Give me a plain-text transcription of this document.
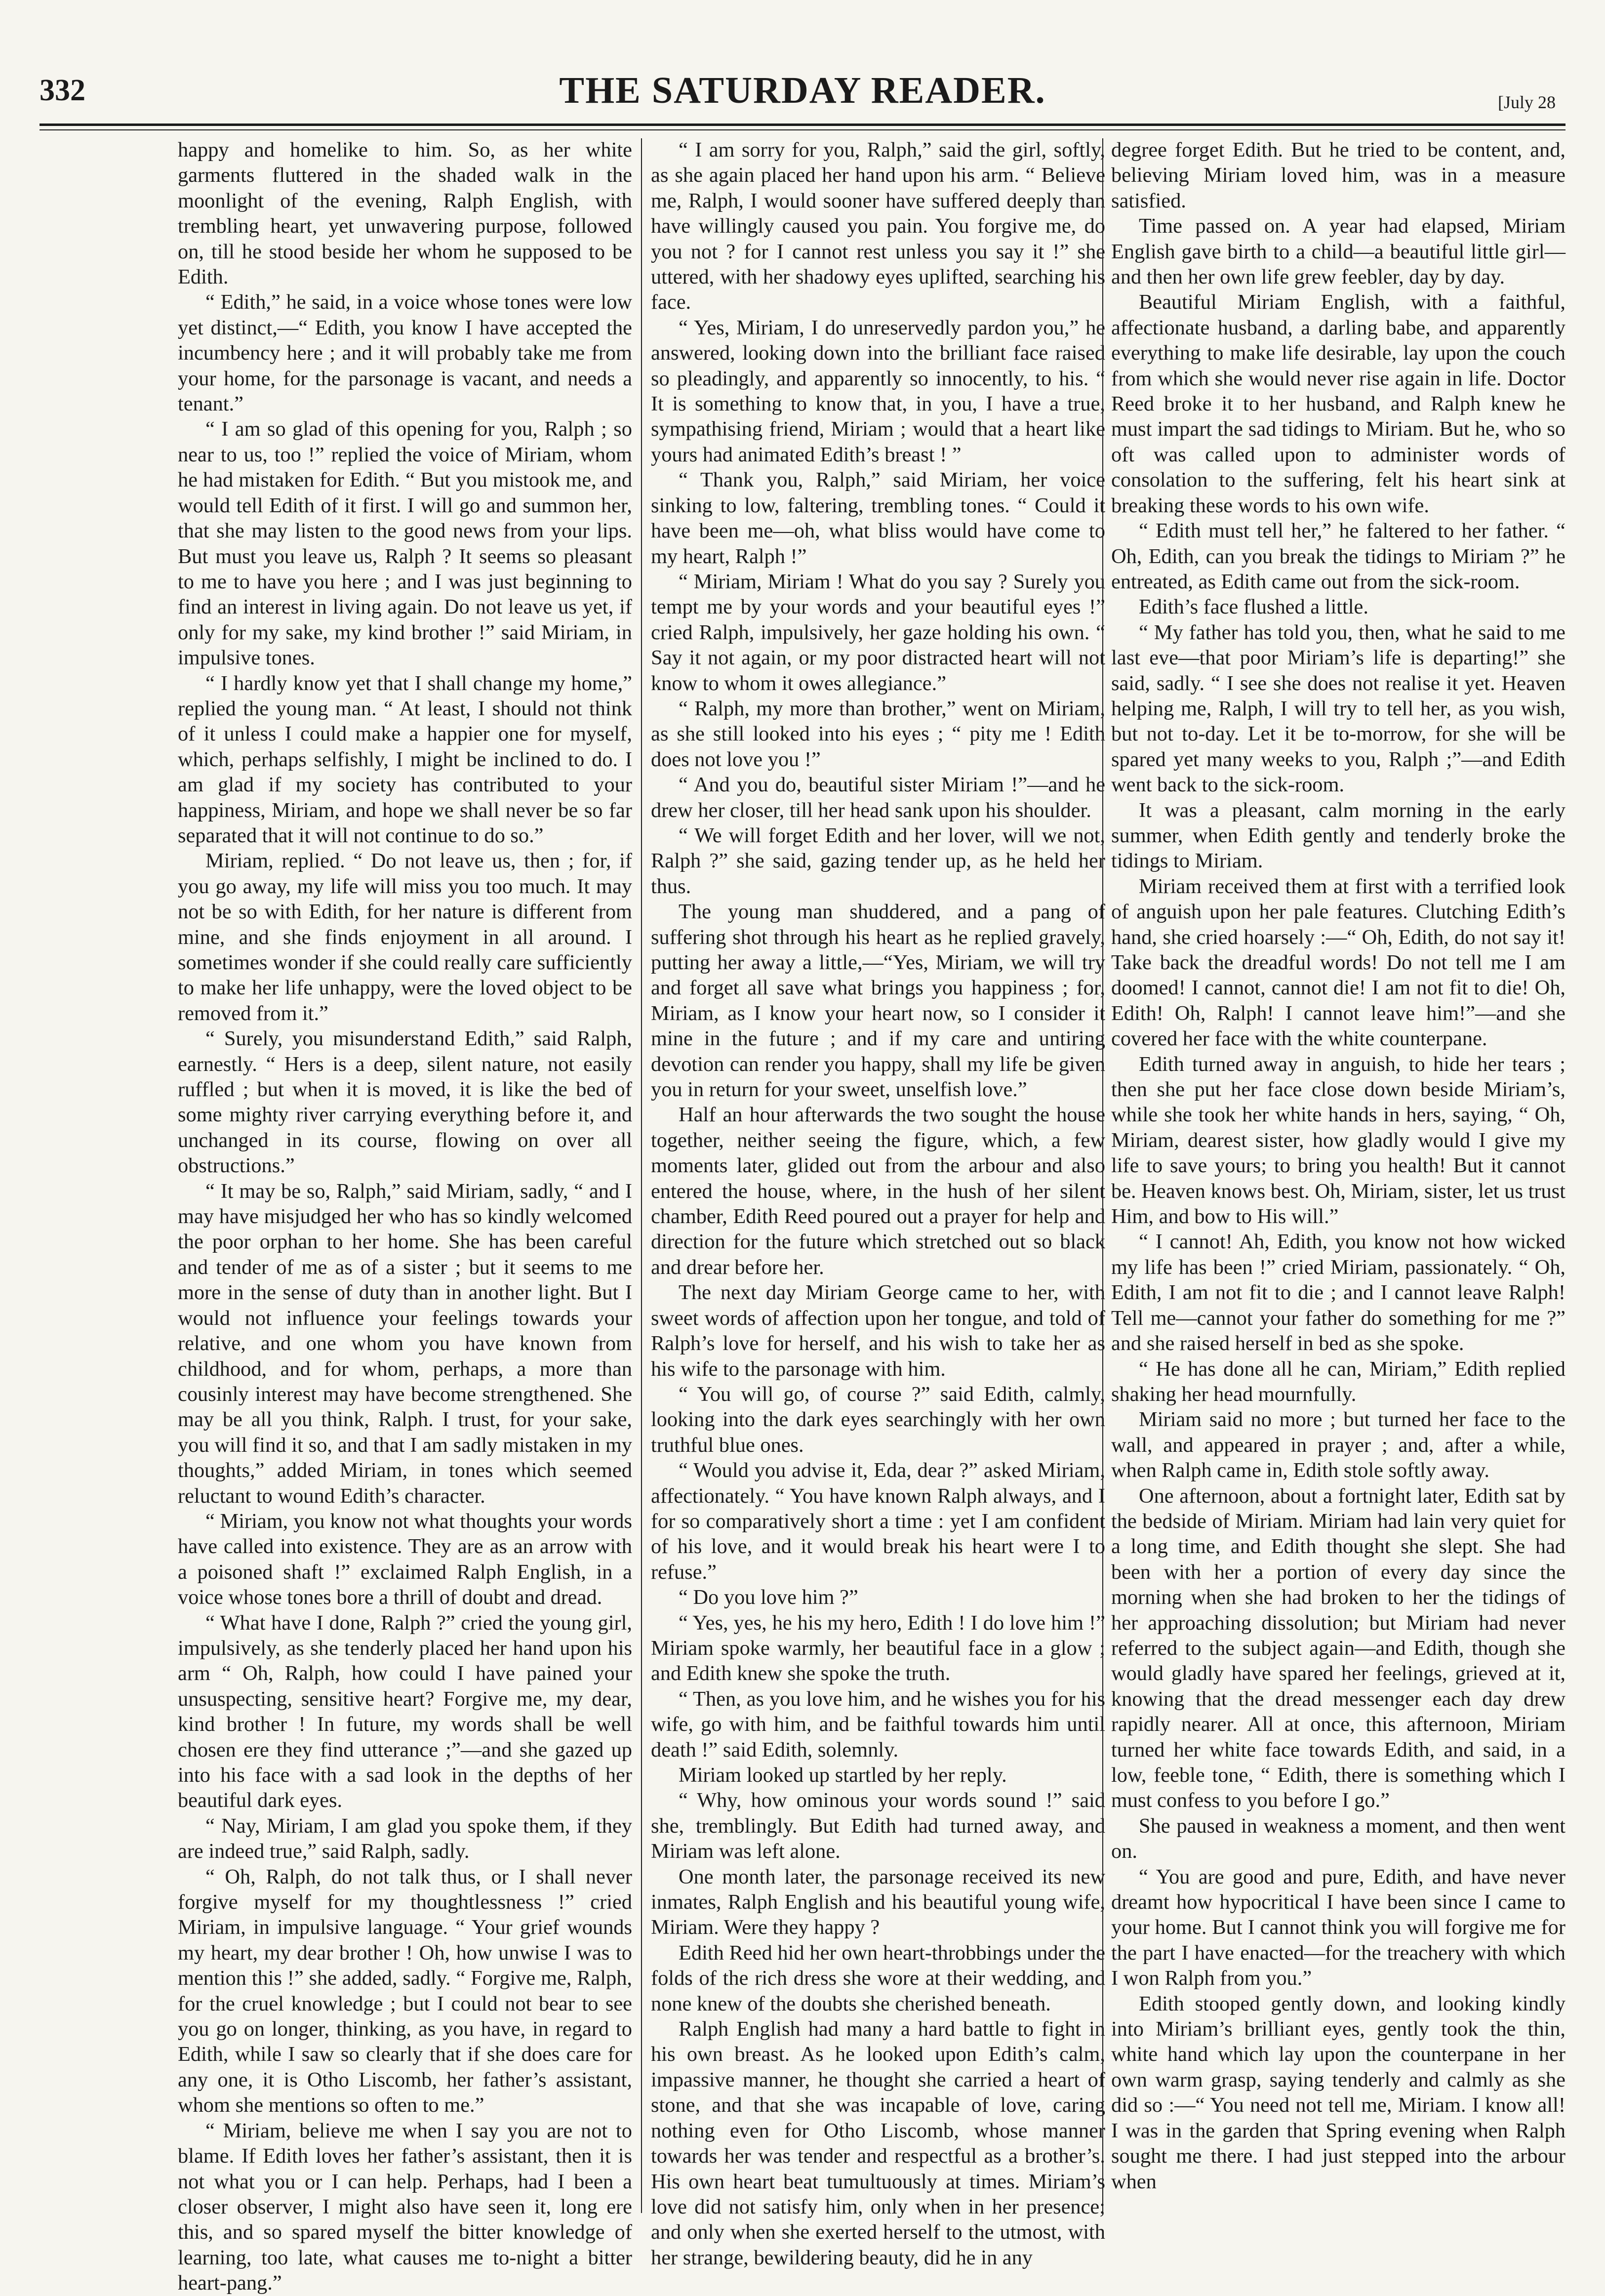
332	THE SATURDAY READER.	[July 28

happy and homelike to him. So, as her white garments fluttered in the shaded walk in the moonlight of the evening, Ralph English, with trembling heart, yet unwavering purpose, followed on, till he stood beside her whom he supposed to be Edith.

“ Edith,” he said, in a voice whose tones were low yet distinct,—“ Edith, you know I have accepted the incumbency here ; and it will probably take me from your home, for the parsonage is vacant, and needs a tenant.”

“ I am so glad of this opening for you, Ralph ; so near to us, too !” replied the voice of Miriam, whom he had mistaken for Edith. “ But you mistook me, and would tell Edith of it first. I will go and summon her, that she may listen to the good news from your lips. But must you leave us, Ralph ? It seems so pleasant to me to have you here ; and I was just beginning to find an interest in living again. Do not leave us yet, if only for my sake, my kind brother !” said Miriam, in impulsive tones.

“ I hardly know yet that I shall change my home,” replied the young man. “ At least, I should not think of it unless I could make a happier one for myself, which, perhaps selfishly, I might be inclined to do. I am glad if my society has contributed to your happiness, Miriam, and hope we shall never be so far separated that it will not continue to do so.”

Miriam, replied. “ Do not leave us, then ; for, if you go away, my life will miss you too much. It may not be so with Edith, for her nature is different from mine, and she finds enjoyment in all around. I sometimes wonder if she could really care sufficiently to make her life unhappy, were the loved object to be removed from it.”

“ Surely, you misunderstand Edith,” said Ralph, earnestly. “ Hers is a deep, silent nature, not easily ruffled ; but when it is moved, it is like the bed of some mighty river carrying everything before it, and unchanged in its course, flowing on over all obstructions.”

“ It may be so, Ralph,” said Miriam, sadly, “ and I may have misjudged her who has so kindly welcomed the poor orphan to her home. She has been careful and tender of me as of a sister ; but it seems to me more in the sense of duty than in another light. But I would not influence your feelings towards your relative, and one whom you have known from childhood, and for whom, perhaps, a more than cousinly interest may have become strengthened. She may be all you think, Ralph. I trust, for your sake, you will find it so, and that I am sadly mistaken in my thoughts,” added Miriam, in tones which seemed reluctant to wound Edith’s character.

“ Miriam, you know not what thoughts your words have called into existence. They are as an arrow with a poisoned shaft !” exclaimed Ralph English, in a voice whose tones bore a thrill of doubt and dread.

“ What have I done, Ralph ?” cried the young girl, impulsively, as she tenderly placed her hand upon his arm “ Oh, Ralph, how could I have pained your unsuspecting, sensitive heart? Forgive me, my dear, kind brother ! In future, my words shall be well chosen ere they find utterance ;”—and she gazed up into his face with a sad look in the depths of her beautiful dark eyes.

“ Nay, Miriam, I am glad you spoke them, if they are indeed true,” said Ralph, sadly.

“ Oh, Ralph, do not talk thus, or I shall never forgive myself for my thoughtlessness !” cried Miriam, in impulsive language. “ Your grief wounds my heart, my dear brother ! Oh, how unwise I was to mention this !” she added, sadly. “ Forgive me, Ralph, for the cruel knowledge ; but I could not bear to see you go on longer, thinking, as you have, in regard to Edith, while I saw so clearly that if she does care for any one, it is Otho Liscomb, her father’s assistant, whom she mentions so often to me.”

“ Miriam, believe me when I say you are not to blame. If Edith loves her father’s assistant, then it is not what you or I can help. Perhaps, had I been a closer observer, I might also have seen it, long ere this, and so spared myself the bitter knowledge of learning, too late, what causes me to-night a bitter heart-pang.”

“ I am sorry for you, Ralph,” said the girl, softly, as she again placed her hand upon his arm. “ Believe me, Ralph, I would sooner have suffered deeply than have willingly caused you pain. You forgive me, do you not ? for I cannot rest unless you say it !” she uttered, with her shadowy eyes uplifted, searching his face.

“ Yes, Miriam, I do unreservedly pardon you,” he answered, looking down into the brilliant face raised so pleadingly, and apparently so innocently, to his. “ It is something to know that, in you, I have a true, sympathising friend, Miriam ; would that a heart like yours had animated Edith’s breast ! ”

“ Thank you, Ralph,” said Miriam, her voice sinking to low, faltering, trembling tones. “ Could it have been me—oh, what bliss would have come to my heart, Ralph !”

“ Miriam, Miriam ! What do you say ? Surely you tempt me by your words and your beautiful eyes !” cried Ralph, impulsively, her gaze holding his own. “ Say it not again, or my poor distracted heart will not know to whom it owes allegiance.”

“ Ralph, my more than brother,” went on Miriam, as she still looked into his eyes ; “ pity me ! Edith does not love you !”

“ And you do, beautiful sister Miriam !”—and he drew her closer, till her head sank upon his shoulder.

“ We will forget Edith and her lover, will we not, Ralph ?” she said, gazing tender up, as he held her thus.

The young man shuddered, and a pang of suffering shot through his heart as he replied gravely, putting her away a little,—“Yes, Miriam, we will try and forget all save what brings you happiness ; for, Miriam, as I know your heart now, so I consider it mine in the future ; and if my care and untiring devotion can render you happy, shall my life be given you in return for your sweet, unselfish love.”

Half an hour afterwards the two sought the house together, neither seeing the figure, which, a few moments later, glided out from the arbour and also entered the house, where, in the hush of her silent chamber, Edith Reed poured out a prayer for help and direction for the future which stretched out so black and drear before her.

The next day Miriam George came to her, with sweet words of affection upon her tongue, and told of Ralph’s love for herself, and his wish to take her as his wife to the parsonage with him.

“ You will go, of course ?” said Edith, calmly, looking into the dark eyes searchingly with her own truthful blue ones.

“ Would you advise it, Eda, dear ?” asked Miriam, affectionately. “ You have known Ralph always, and I for so comparatively short a time : yet I am confident of his love, and it would break his heart were I to refuse.”

“ Do you love him ?”

“ Yes, yes, he his my hero, Edith ! I do love him !” Miriam spoke warmly, her beautiful face in a glow ; and Edith knew she spoke the truth.

“ Then, as you love him, and he wishes you for his wife, go with him, and be faithful towards him until death !” said Edith, solemnly.

Miriam looked up startled by her reply.

“ Why, how ominous your words sound !” said she, tremblingly. But Edith had turned away, and Miriam was left alone.

One month later, the parsonage received its new inmates, Ralph English and his beautiful young wife, Miriam. Were they happy ?

Edith Reed hid her own heart-throbbings under the folds of the rich dress she wore at their wedding, and none knew of the doubts she cherished beneath.

Ralph English had many a hard battle to fight in his own breast. As he looked upon Edith’s calm, impassive manner, he thought she carried a heart of stone, and that she was incapable of love, caring nothing even for Otho Liscomb, whose manner towards her was tender and respectful as a brother’s. His own heart beat tumultuously at times. Miriam’s love did not satisfy him, only when in her presence; and only when she exerted herself to the utmost, with her strange, bewildering beauty, did he in any

degree forget Edith. But he tried to be content, and, believing Miriam loved him, was in a measure satisfied.

Time passed on. A year had elapsed, Miriam English gave birth to a child—a beautiful little girl—and then her own life grew feebler, day by day.

Beautiful Miriam English, with a faithful, affectionate husband, a darling babe, and apparently everything to make life desirable, lay upon the couch from which she would never rise again in life. Doctor Reed broke it to her husband, and Ralph knew he must impart the sad tidings to Miriam. But he, who so oft was called upon to administer words of consolation to the suffering, felt his heart sink at breaking these words to his own wife.

“ Edith must tell her,” he faltered to her father. “ Oh, Edith, can you break the tidings to Miriam ?” he entreated, as Edith came out from the sick-room.

Edith’s face flushed a little.

“ My father has told you, then, what he said to me last eve—that poor Miriam’s life is departing!” she said, sadly. “ I see she does not realise it yet. Heaven helping me, Ralph, I will try to tell her, as you wish, but not to-day. Let it be to-morrow, for she will be spared yet many weeks to you, Ralph ;”—and Edith went back to the sick-room.

It was a pleasant, calm morning in the early summer, when Edith gently and tenderly broke the tidings to Miriam.

Miriam received them at first with a terrified look of anguish upon her pale features. Clutching Edith’s hand, she cried hoarsely :—“ Oh, Edith, do not say it! Take back the dreadful words! Do not tell me I am doomed! I cannot, cannot die! I am not fit to die! Oh, Edith! Oh, Ralph! I cannot leave him!”—and she covered her face with the white counterpane.

Edith turned away in anguish, to hide her tears ; then she put her face close down beside Miriam’s, while she took her white hands in hers, saying, “ Oh, Miriam, dearest sister, how gladly would I give my life to save yours; to bring you health! But it cannot be. Heaven knows best. Oh, Miriam, sister, let us trust Him, and bow to His will.”

“ I cannot! Ah, Edith, you know not how wicked my life has been !” cried Miriam, passionately. “ Oh, Edith, I am not fit to die ; and I cannot leave Ralph! Tell me—cannot your father do something for me ?” and she raised herself in bed as she spoke.

“ He has done all he can, Miriam,” Edith replied shaking her head mournfully.

Miriam said no more ; but turned her face to the wall, and appeared in prayer ; and, after a while, when Ralph came in, Edith stole softly away.

One afternoon, about a fortnight later, Edith sat by the bedside of Miriam. Miriam had lain very quiet for a long time, and Edith thought she slept. She had been with her a portion of every day since the morning when she had broken to her the tidings of her approaching dissolution; but Miriam had never referred to the subject again—and Edith, though she would gladly have spared her feelings, grieved at it, knowing that the dread messenger each day drew rapidly nearer. All at once, this afternoon, Miriam turned her white face towards Edith, and said, in a low, feeble tone, “ Edith, there is something which I must confess to you before I go.”

She paused in weakness a moment, and then went on.

“ You are good and pure, Edith, and have never dreamt how hypocritical I have been since I came to your home. But I cannot think you will forgive me for the part I have enacted—for the treachery with which I won Ralph from you.”

Edith stooped gently down, and looking kindly into Miriam’s brilliant eyes, gently took the thin, white hand which lay upon the counterpane in her own warm grasp, saying tenderly and calmly as she did so :—“ You need not tell me, Miriam. I know all! I was in the garden that Spring evening when Ralph sought me there. I had just stepped into the arbour when
